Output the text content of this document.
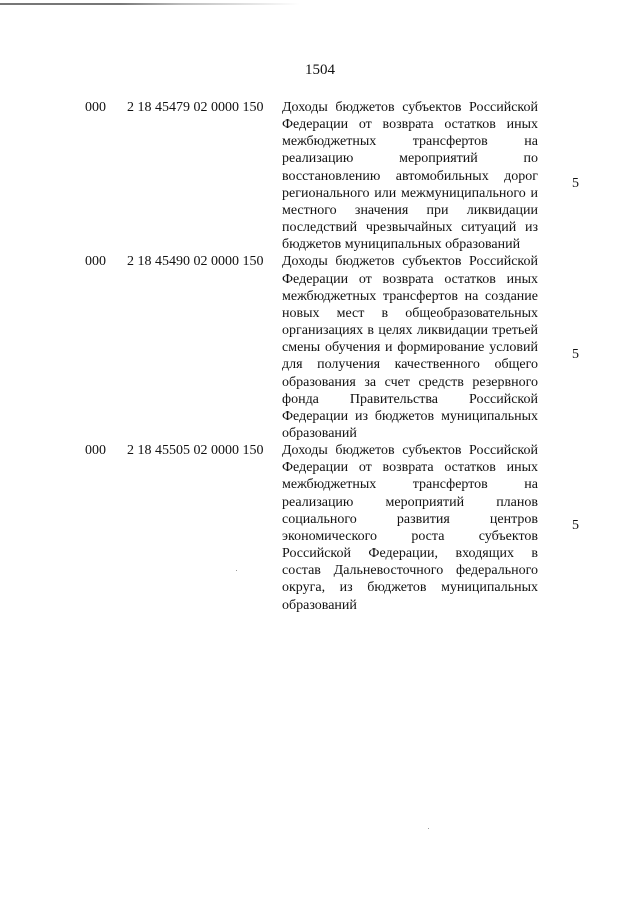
1504
000 2 18 45479 02 0000 150 Доходы бюджетов субъектов Российской Федерации от возврата остатков иных межбюджетных трансфертов на реализацию мероприятий по восстановлению автомобильных дорог регионального или межмуниципального и местного значения при ликвидации последствий чрезвычайных ситуаций из бюджетов муниципальных образований
5
000 2 18 45490 02 0000 150 Доходы бюджетов субъектов Российской Федерации от возврата остатков иных межбюджетных трансфертов на создание новых мест в общеобразовательных организациях в целях ликвидации третьей смены обучения и формирование условий для получения качественного общего образования за счет средств резервного фонда Правительства Российской Федерации из бюджетов муниципальных образований
5
000 2 18 45505 02 0000 150 Доходы бюджетов субъектов Российской Федерации от возврата остатков иных межбюджетных трансфертов на реализацию мероприятий планов социального развития центров экономического роста субъектов Российской Федерации, входящих в состав Дальневосточного федерального округа, из бюджетов муниципальных образований
5
